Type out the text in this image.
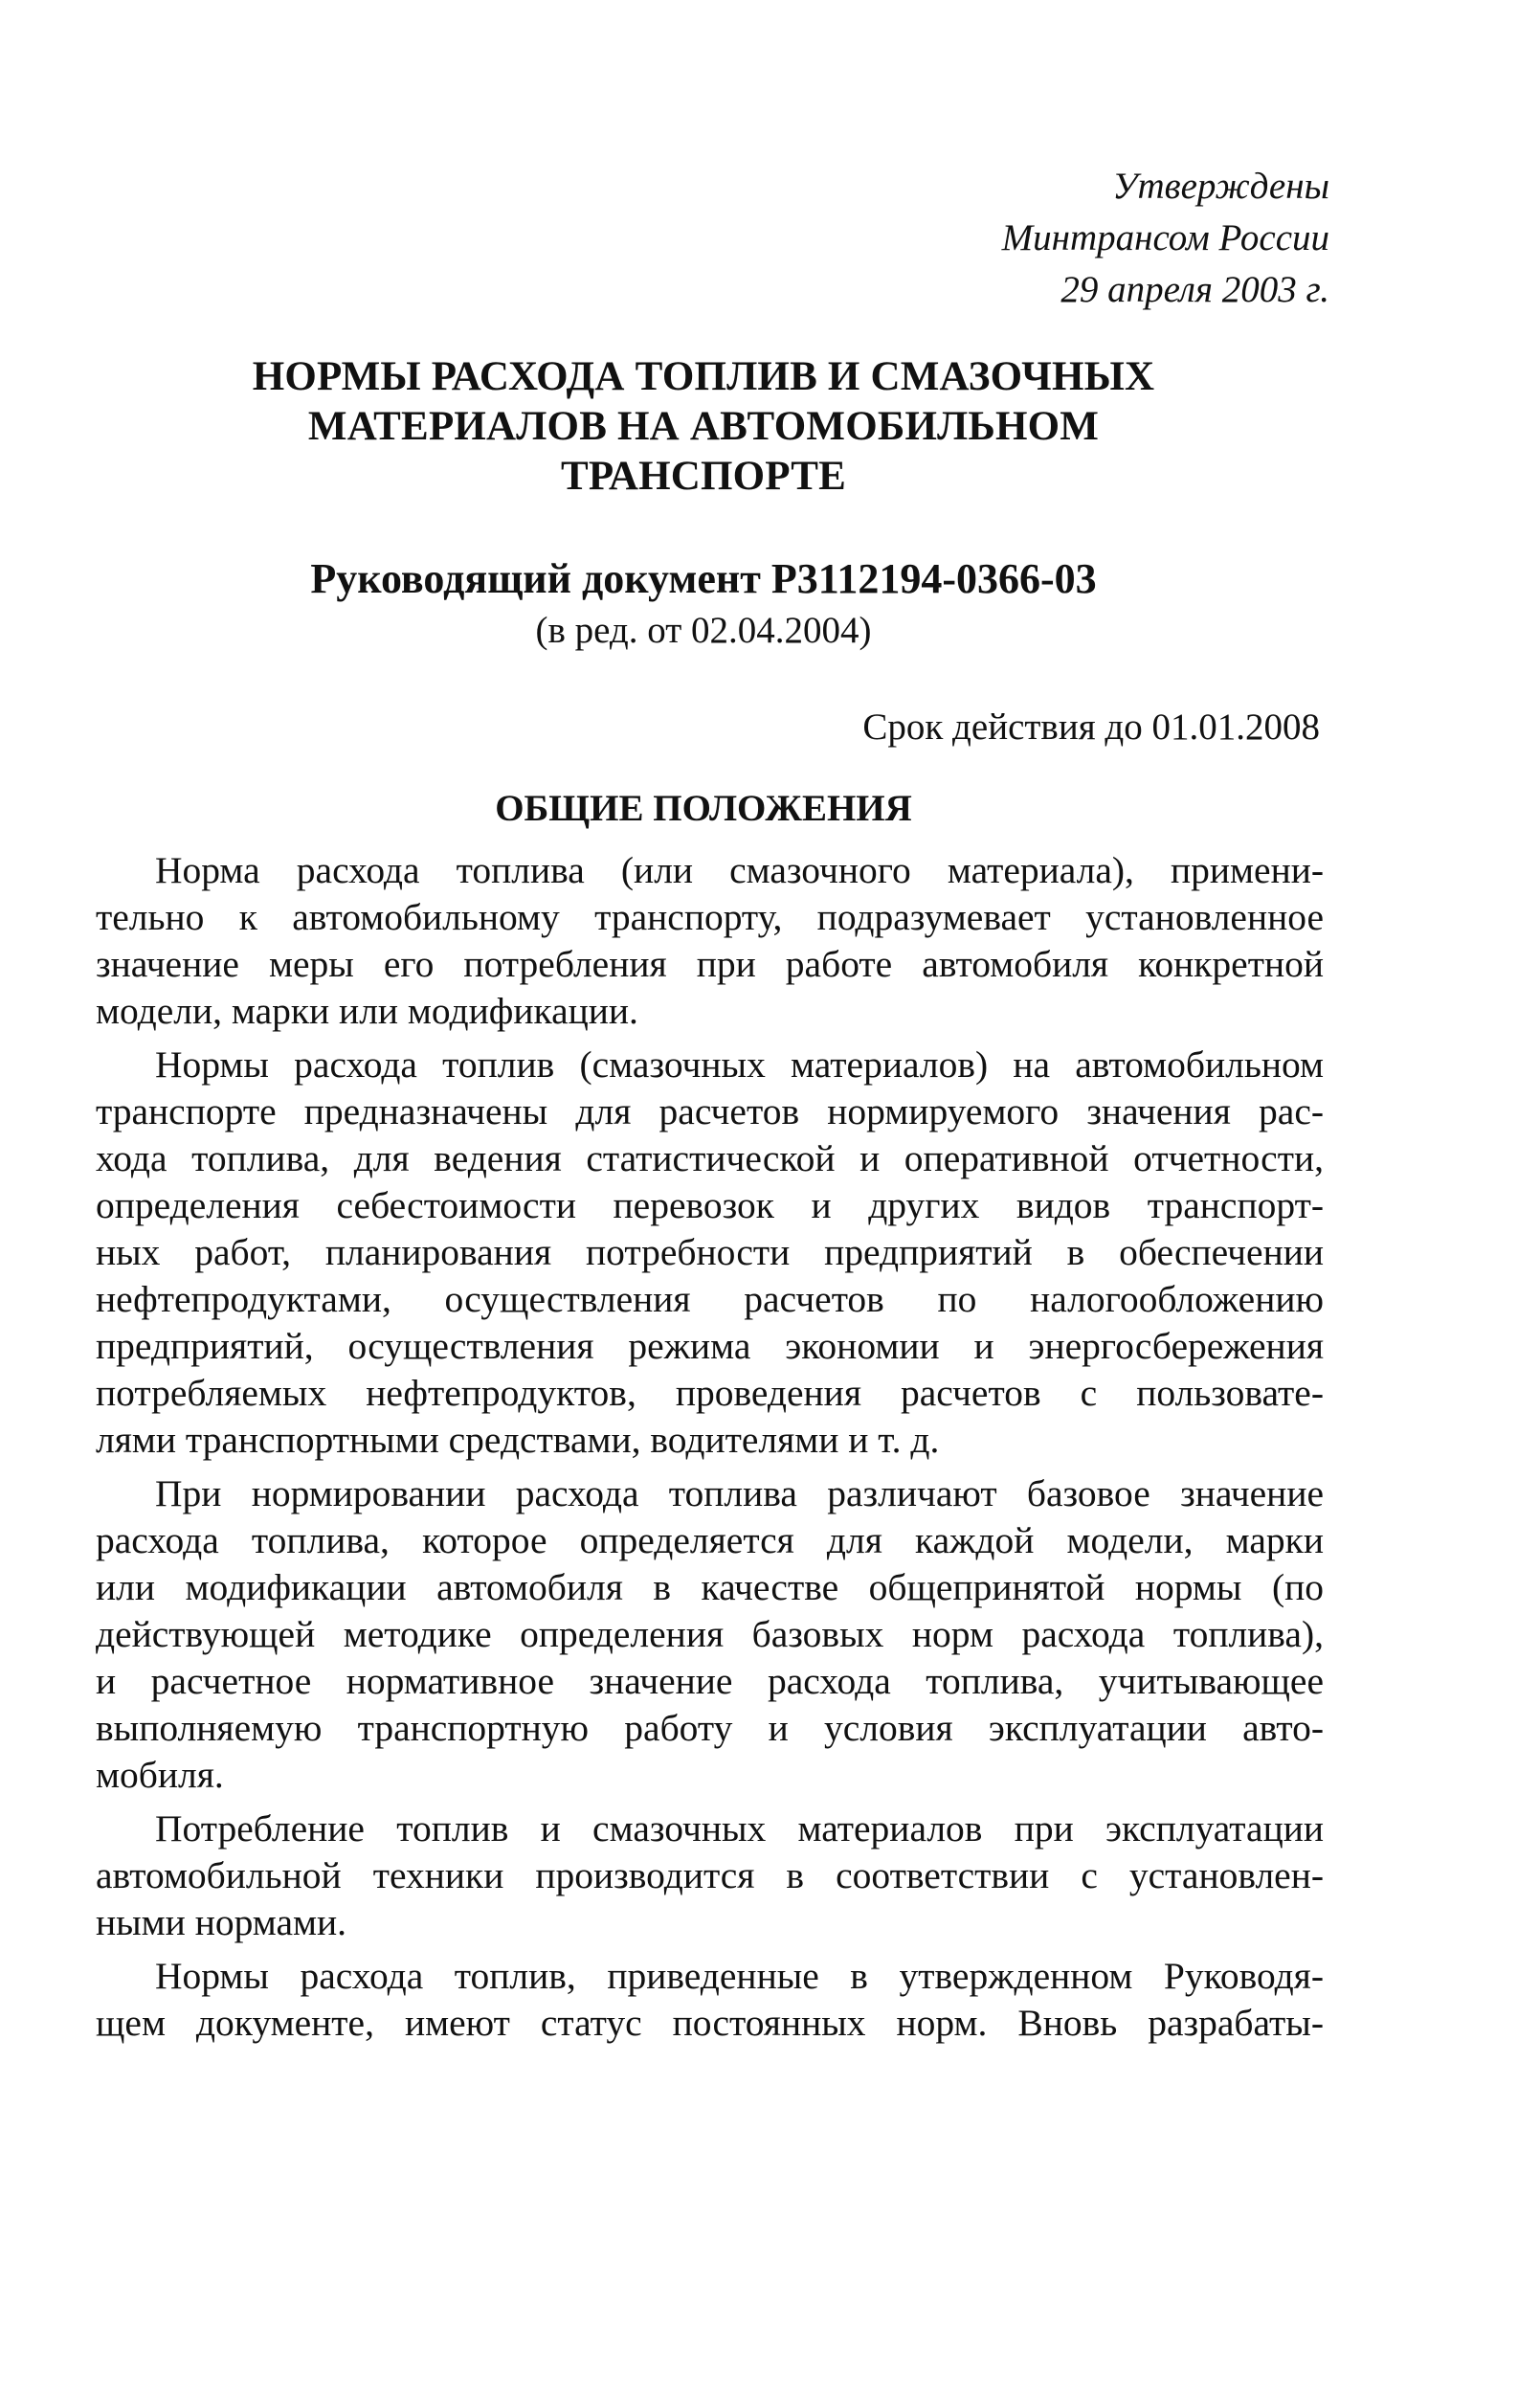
Утверждены
Минтрансом России
29 апреля 2003 г.
НОРМЫ РАСХОДА ТОПЛИВ И СМАЗОЧНЫХ
МАТЕРИАЛОВ НА АВТОМОБИЛЬНОМ
ТРАНСПОРТЕ
Руководящий документ Р3112194-0366-03
(в ред. от 02.04.2004)
Срок действия до 01.01.2008
ОБЩИЕ ПОЛОЖЕНИЯ
Норма расхода топлива (или смазочного материала), примени-
тельно к автомобильному транспорту, подразумевает установленное
значение меры его потребления при работе автомобиля конкретной
модели, марки или модификации.
Нормы расхода топлив (смазочных материалов) на автомобильном
транспорте предназначены для расчетов нормируемого значения рас-
хода топлива, для ведения статистической и оперативной отчетности,
определения себестоимости перевозок и других видов транспорт-
ных работ, планирования потребности предприятий в обеспечении
нефтепродуктами, осуществления расчетов по налогообложению
предприятий, осуществления режима экономии и энергосбережения
потребляемых нефтепродуктов, проведения расчетов с пользовате-
лями транспортными средствами, водителями и т. д.
При нормировании расхода топлива различают базовое значение
расхода топлива, которое определяется для каждой модели, марки
или модификации автомобиля в качестве общепринятой нормы (по
действующей методике определения базовых норм расхода топлива),
и расчетное нормативное значение расхода топлива, учитывающее
выполняемую транспортную работу и условия эксплуатации авто-
мобиля.
Потребление топлив и смазочных материалов при эксплуатации
автомобильной техники производится в соответствии с установлен-
ными нормами.
Нормы расхода топлив, приведенные в утвержденном Руководя-
щем документе, имеют статус постоянных норм. Вновь разрабаты-
